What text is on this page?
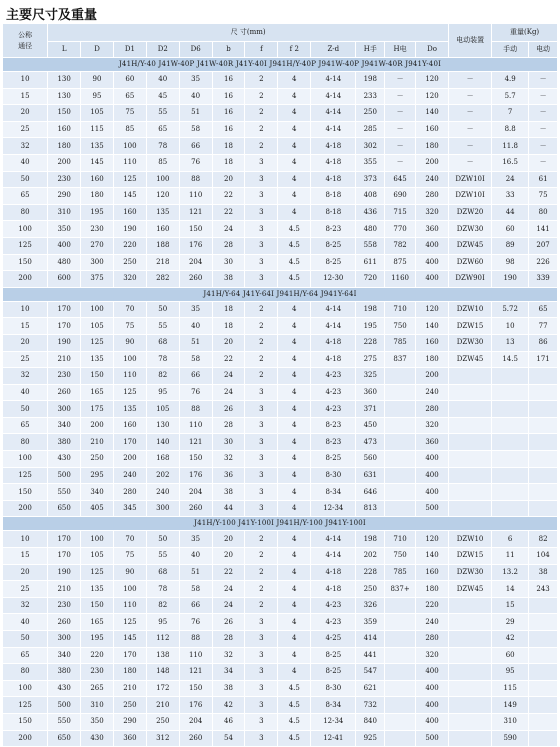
主要尺寸及重量
公称
通径	尺 寸(mm)												电动装置	重量(Kg)	
	L	D	D1	D2	D6	b	f	f 2	Z-d	H手	H电	Do		手动	电动
J41H/Y-40 J41W-40P J41W-40R J41Y-40I J941H/Y-40P J941W-40P J941W-40R J941Y-40I															
10	130	90	60	40	35	16	2	4	4-14	198	－	120	－	4.9	－
15	130	95	65	45	40	16	2	4	4-14	233	－	120	－	5.7	－
20	150	105	75	55	51	16	2	4	4-14	250	－	140	－	7	－
25	160	115	85	65	58	16	2	4	4-14	285	－	160	－	8.8	－
32	180	135	100	78	66	18	2	4	4-18	302	－	180	－	11.8	－
40	200	145	110	85	76	18	3	4	4-18	355	－	200	－	16.5	－
50	230	160	125	100	88	20	3	4	4-18	373	645	240	DZW10I	24	61
65	290	180	145	120	110	22	3	4	8-18	408	690	280	DZW10I	33	75
80	310	195	160	135	121	22	3	4	8-18	436	715	320	DZW20	44	80
100	350	230	190	160	150	24	3	4.5	8-23	480	770	360	DZW30	60	141
125	400	270	220	188	176	28	3	4.5	8-25	558	782	400	DZW45	89	207
150	480	300	250	218	204	30	3	4.5	8-25	611	875	400	DZW60	98	226
200	600	375	320	282	260	38	3	4.5	12-30	720	1160	400	DZW90I	190	339
J41H/Y-64 J41Y-64I J941H/Y-64 J941Y-64I															
10	170	100	70	50	35	18	2	4	4-14	198	710	120	DZW10	5.72	65
15	170	105	75	55	40	18	2	4	4-14	195	750	140	DZW15	10	77
20	190	125	90	68	51	20	2	4	4-18	228	785	160	DZW30	13	86
25	210	135	100	78	58	22	2	4	4-18	275	837	180	DZW45	14.5	171
32	230	150	110	82	66	24	2	4	4-23	325		200			
40	260	165	125	95	76	24	3	4	4-23	360		240			
50	300	175	135	105	88	26	3	4	4-23	371		280			
65	340	200	160	130	110	28	3	4	8-23	450		320			
80	380	210	170	140	121	30	3	4	8-23	473		360			
100	430	250	200	168	150	32	3	4	8-25	560		400			
125	500	295	240	202	176	36	3	4	8-30	631		400			
150	550	340	280	240	204	38	3	4	8-34	646		400			
200	650	405	345	300	260	44	3	4	12-34	813		500			
J41H/Y-100 J41Y-100I J941H/Y-100 J941Y-100I															
10	170	100	70	50	35	20	2	4	4-14	198	710	120	DZW10	6	82
15	170	105	75	55	40	20	2	4	4-14	202	750	140	DZW15	11	104
20	190	125	90	68	51	22	2	4	4-18	228	785	160	DZW30	13.2	38
25	210	135	100	78	58	24	2	4	4-18	250	837+	180	DZW45	14	243
32	230	150	110	82	66	24	2	4	4-23	326		220		15	
40	260	165	125	95	76	26	3	4	4-23	359		240		29	
50	300	195	145	112	88	28	3	4	4-25	414		280		42	
65	340	220	170	138	110	32	3	4	8-25	441		320		60	
80	380	230	180	148	121	34	3	4	8-25	547		400		95	
100	430	265	210	172	150	38	3	4.5	8-30	621		400		115	
125	500	310	250	210	176	42	3	4.5	8-34	732		400		149	
150	550	350	290	250	204	46	3	4.5	12-34	840		400		310	
200	650	430	360	312	260	54	3	4.5	12-41	925		500		590	
